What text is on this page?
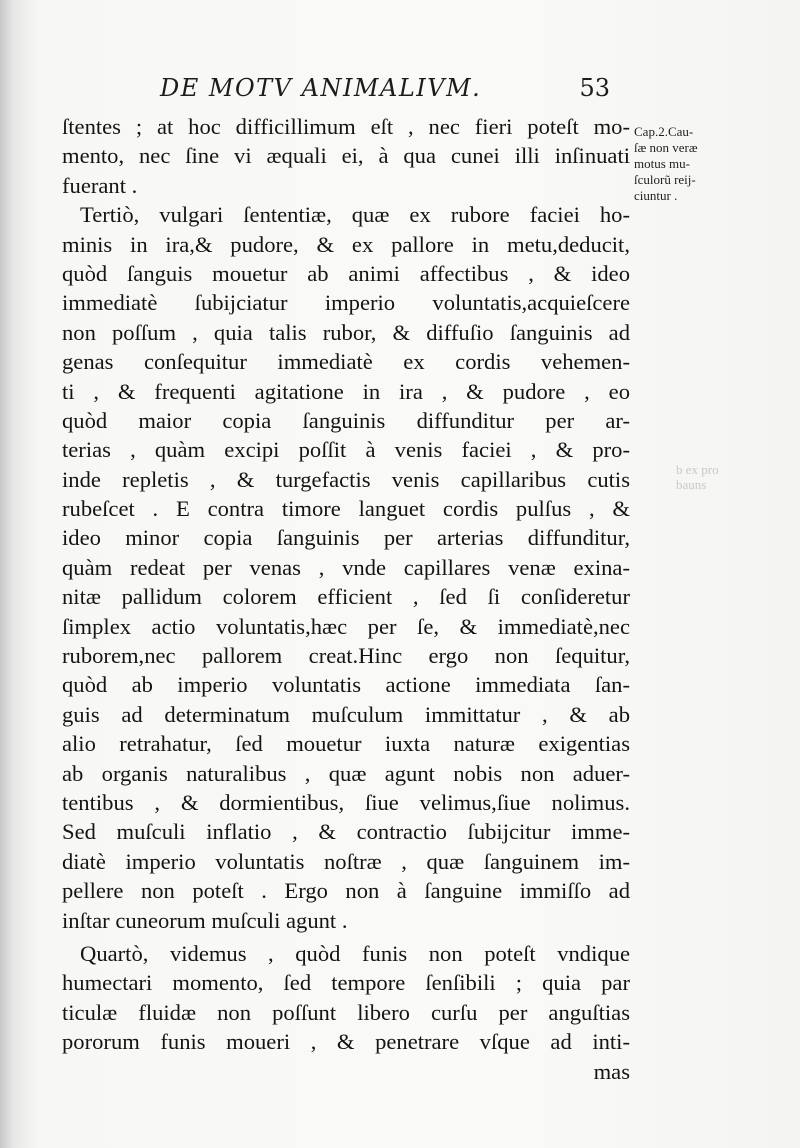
DE MOTV ANIMALIVM.	53
ſtentes ; at hoc difficillimum eſt , nec fieri poteſt mo-
mento, nec ſine vi æquali ei, à qua cunei illi inſinuati
fuerant .
Tertiò, vulgari ſententiæ, quæ ex rubore faciei ho-
minis in ira,& pudore, & ex pallore in metu,deducit,
quòd ſanguis mouetur ab animi affectibus , & ideo
immediatè ſubijciatur imperio voluntatis,acquieſcere
non poſſum , quia talis rubor, & diffuſio ſanguinis ad
genas conſequitur immediatè ex cordis vehemen-
ti , & frequenti agitatione in ira , & pudore , eo
quòd maior copia ſanguinis diffunditur per ar-
terias , quàm excipi poſſit à venis faciei , & pro-
inde repletis , & turgefactis venis capillaribus cutis
rubeſcet . E contra timore languet cordis pulſus , &
ideo minor copia ſanguinis per arterias diffunditur,
quàm redeat per venas , vnde capillares venæ exina-
nitæ pallidum colorem efficient , ſed ſi conſideretur
ſimplex actio voluntatis,hæc per ſe, & immediatè,nec
ruborem,nec pallorem creat.Hinc ergo non ſequitur,
quòd ab imperio voluntatis actione immediata ſan-
guis ad determinatum muſculum immittatur , & ab
alio retrahatur, ſed mouetur iuxta naturæ exigentias
ab organis naturalibus , quæ agunt nobis non aduer-
tentibus , & dormientibus, ſiue velimus,ſiue nolimus.
Sed muſculi inflatio , & contractio ſubijcitur imme-
diatè imperio voluntatis noſtræ , quæ ſanguinem im-
pellere non poteſt . Ergo non à ſanguine immiſſo ad
inſtar cuneorum muſculi agunt .
Quartò, videmus , quòd funis non poteſt vndique
humectari momento, ſed tempore ſenſibili ; quia par
ticulæ fluidæ non poſſunt libero curſu per anguſtias
pororum funis moueri , & penetrare vſque ad inti-
mas
Cap.2.Cau-
ſæ non veræ
motus mu-
ſculorũ reij-
ciuntur .
b ex pro
bauns
